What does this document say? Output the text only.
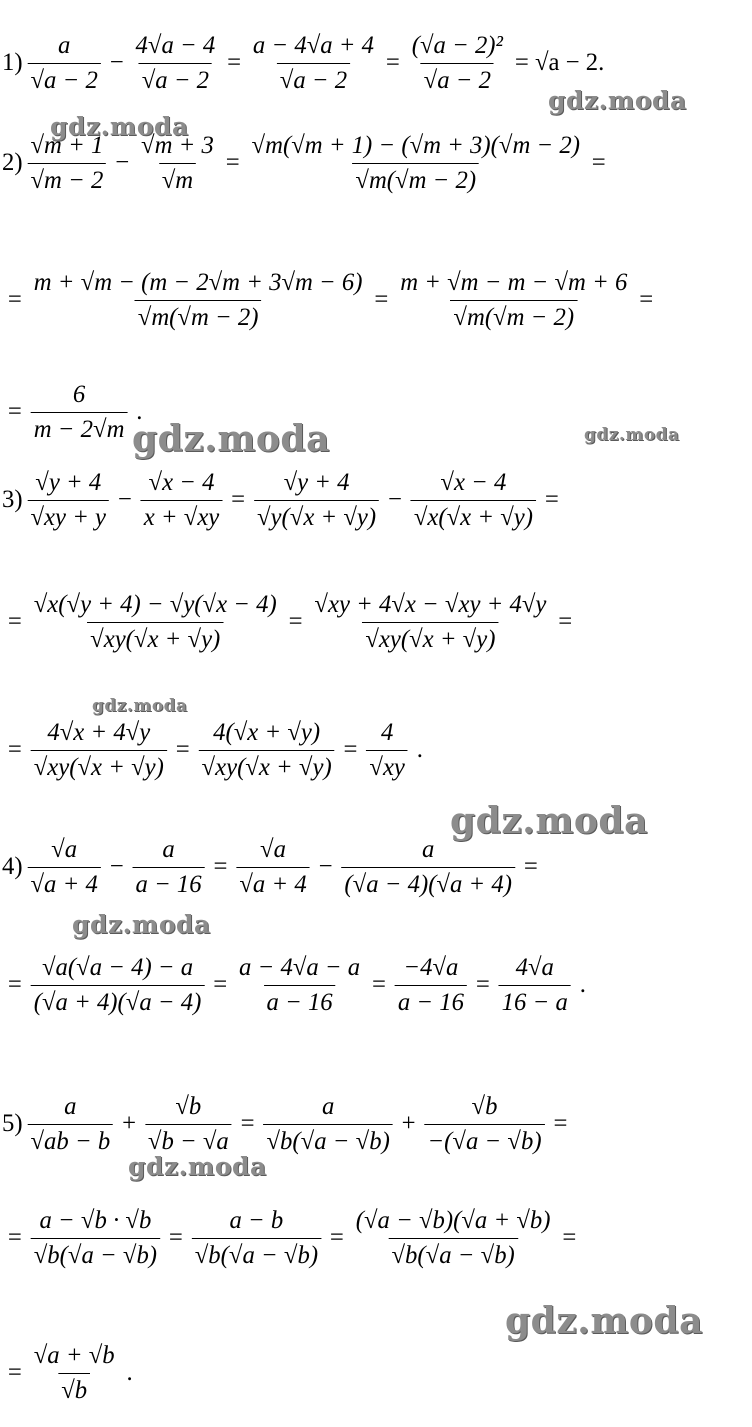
$1) \frac{a}{√a - 2} - \frac{4√a - 4}{√a - 2} = \frac{a - 4√a + 4}{√a - 2} = \frac{\text{(√a − 2)²}}{√a - 2} = √a - 2$.
$2) \frac{√m + 1}{√m - 2} - \frac{√m + 3}{√m} = \frac{√m(√m + 1) - (√m + 3)(√m - 2)}{√m(√m - 2)}$ =
= $\frac{m + √m - (m - 2√m + 3√m - 6)}{√m(√m - 2)} = \frac{m + √m - m - √m + 6}{√m(√m - 2)}$ =
= $\frac{6}{m - 2√m}$ .
$3) \frac{√y + 4}{√xy + y} - \frac{√x - 4}{x + √xy} = \frac{√y + 4}{√y(√x + √y)} - \frac{√x - 4}{√x(√x + √y)}$ =
= $\frac{√x(√y + 4) - √y(√x - 4)}{√xy(√x + √y)} = \frac{√xy + 4√x - √xy + 4√y}{√xy(√x + √y)}$ =
= $\frac{4√x + 4√y}{√xy(√x + √y)} = \frac{4(√x + √y)}{√xy(√x + √y)} = \frac{4}{√xy}$ .
$4) \frac{√a}{√a + 4} - \frac{a}{a - 16} = \frac{√a}{√a + 4} - \frac{a}{(√a - 4)(√a + 4)}$ =
= $\frac{√a(√a - 4) - a}{(√a + 4)(√a - 4)} = \frac{a - 4√a - a}{a - 16} = \frac{-4√a}{a - 16} = \frac{4√a}{16 - a}$ .
$5) \frac{a}{√ab - b} + \frac{√b}{√b - √a} = \frac{a}{√b(√a - √b)} + \frac{√b}{-(√a - √b)}$ =
= $\frac{a - √b \cdot √b}{√b(√a - √b)} = \frac{a - b}{√b(√a - √b)} = \frac{(√a - √b)(√a + √b)}{√b(√a - √b)}$ =
= $\frac{√a + √b}{√b}$ .
gdz.moda
gdz.moda
gdz.moda	gdz.moda
gdz.moda
gdz.moda
gdz.moda
gdz.moda
gdz.moda
